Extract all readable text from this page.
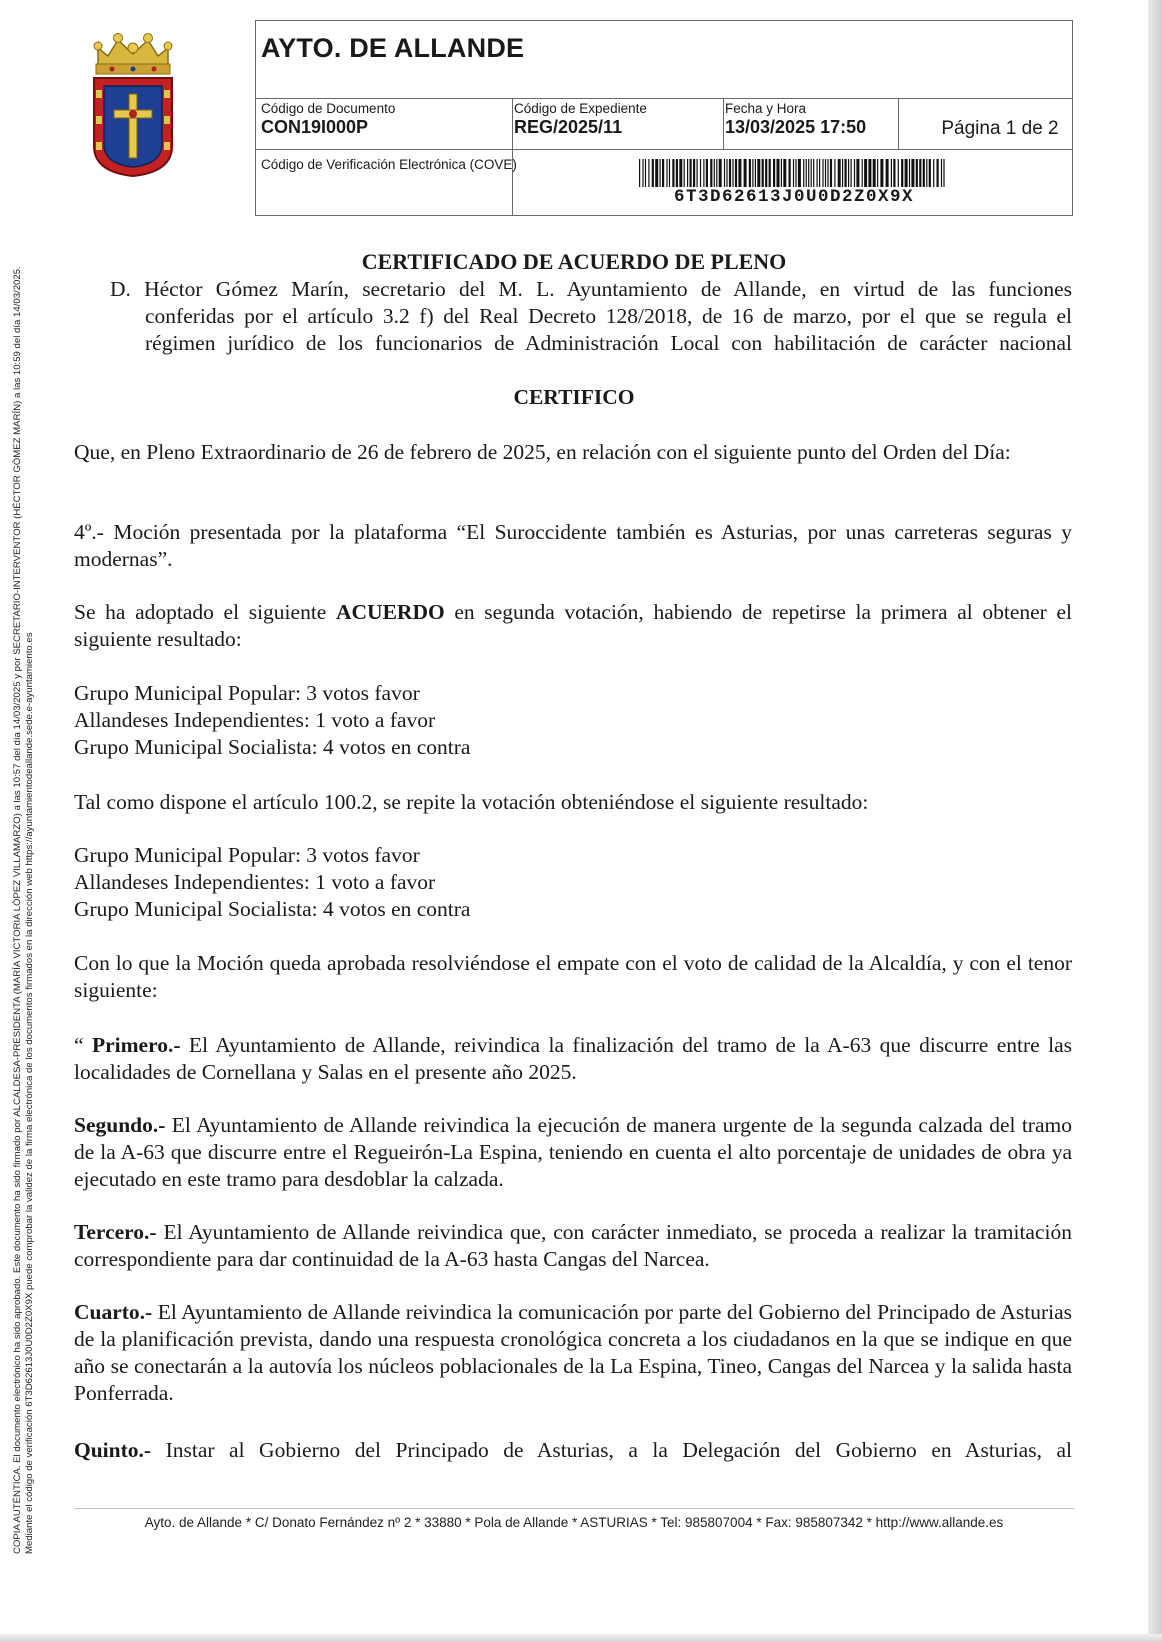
COPIA AUTÉNTICA. El documento electrónico ha sido aprobado. Este documento ha sido firmado por ALCALDESA-PRESIDENTA (MARÍA VICTORIA LÓPEZ VILLAMARZO) a las 10:57 del día 14/03/2025 y por SECRETARIO-INTERVENTOR (HÉCTOR GÓMEZ MARÍN) a las 10:59 del día 14/03/2025. Mediante el código de verificación 6T3D62613J0U0D2Z0X9X puede comprobar la validez de la firma electrónica de los documentos firmados en la dirección web https://ayuntamientodeallande.sede.e-ayuntamiento.es
AYTO. DE ALLANDE
Código de Documento
CON19I000P
Código de Expediente
REG/2025/11
Fecha y Hora
13/03/2025 17:50	Página 1 de 2
Código de Verificación Electrónica (COVE)
6T3D62613J0U0D2Z0X9X
CERTIFICADO DE ACUERDO DE PLENO
D. Héctor Gómez Marín, secretario del M. L. Ayuntamiento de Allande, en virtud de las funciones
conferidas por el artículo 3.2 f) del Real Decreto 128/2018, de 16 de marzo, por el que se regula el
régimen jurídico de los funcionarios de Administración Local con habilitación de carácter nacional
CERTIFICO
Que, en Pleno Extraordinario de 26 de febrero de 2025, en relación con el siguiente punto del Orden del Día:
4º.- Moción presentada por la plataforma “El Suroccidente también es Asturias, por unas carreteras seguras y modernas”.
Se ha adoptado el siguiente ACUERDO en segunda votación, habiendo de repetirse la primera al obtener el siguiente resultado:
Grupo Municipal Popular: 3 votos favor
Allandeses Independientes: 1 voto a favor
Grupo Municipal Socialista: 4 votos en contra
Tal como dispone el artículo 100.2, se repite la votación obteniéndose el siguiente resultado:
Grupo Municipal Popular: 3 votos favor
Allandeses Independientes: 1 voto a favor
Grupo Municipal Socialista: 4 votos en contra
Con lo que la Moción queda aprobada resolviéndose el empate con el voto de calidad de la Alcaldía, y con el tenor siguiente:
“ Primero.- El Ayuntamiento de Allande, reivindica la finalización del tramo de la A-63 que discurre entre las localidades de Cornellana y Salas en el presente año 2025.
Segundo.- El Ayuntamiento de Allande reivindica la ejecución de manera urgente de la segunda calzada del tramo de la A-63 que discurre entre el Regueirón-La Espina, teniendo en cuenta el alto porcentaje de unidades de obra ya ejecutado en este tramo para desdoblar la calzada.
Tercero.- El Ayuntamiento de Allande reivindica que, con carácter inmediato, se proceda a realizar la tramitación correspondiente para dar continuidad de la A-63 hasta Cangas del Narcea.
Cuarto.- El Ayuntamiento de Allande reivindica la comunicación por parte del Gobierno del Principado de Asturias de la planificación prevista, dando una respuesta cronológica concreta a los ciudadanos en la que se indique en que año se conectarán a la autovía los núcleos poblacionales de la La Espina, Tineo, Cangas del Narcea y la salida hasta Ponferrada.
Quinto.- Instar al Gobierno del Principado de Asturias, a la Delegación del Gobierno en Asturias, al
Ayto. de Allande * C/ Donato Fernández nº 2 * 33880 * Pola de Allande * ASTURIAS * Tel: 985807004 * Fax: 985807342 * http://www.allande.es
